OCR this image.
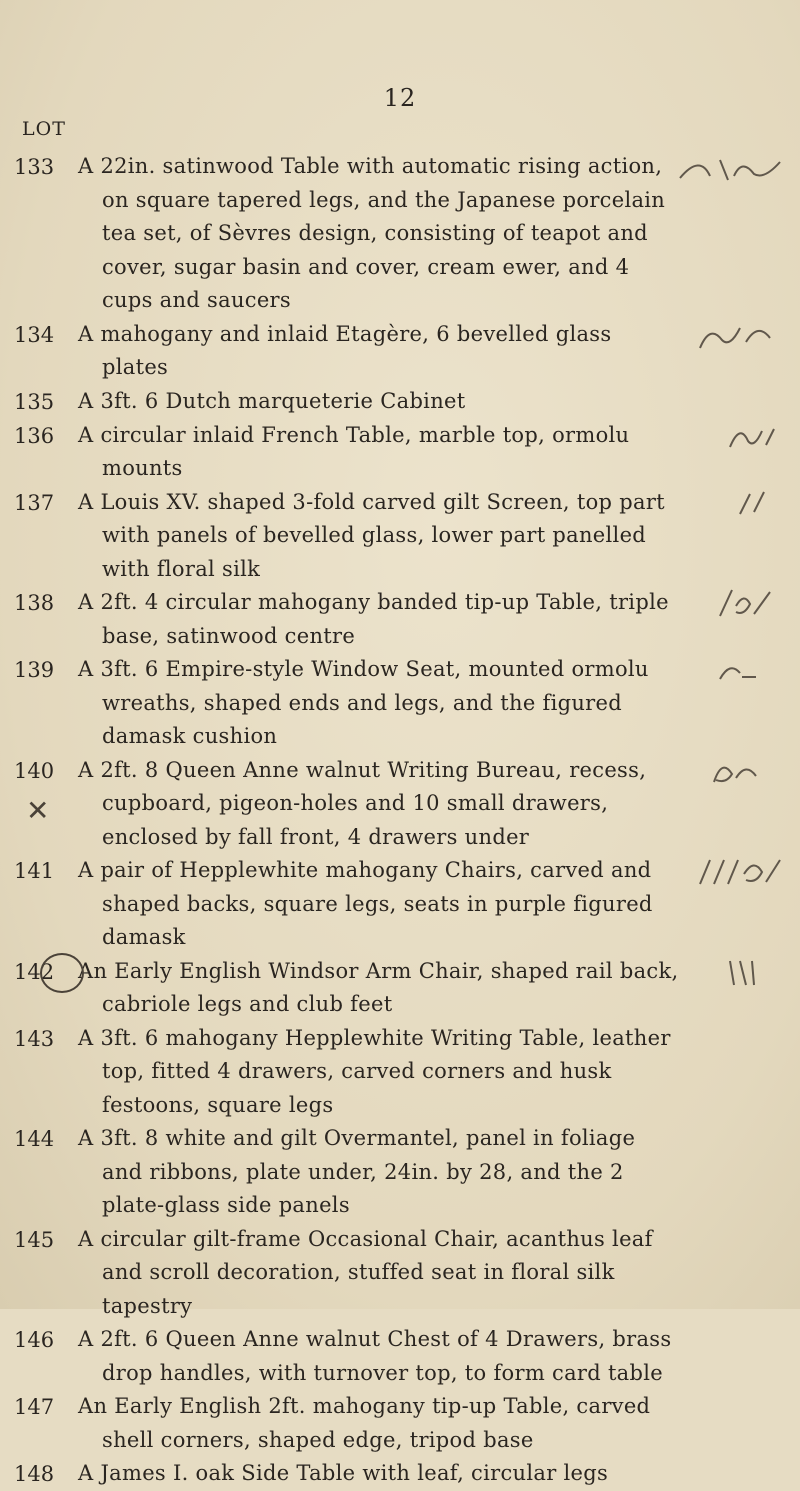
12
LOT
133	A 22in. satinwood Table with automatic rising action, on square tapered legs, and the Japanese porcelain tea set, of Sèvres design, consisting of teapot and cover, sugar basin and cover, cream ewer, and 4 cups and saucers
134	A mahogany and inlaid Etagère, 6 bevelled glass plates
135	A 3ft. 6 Dutch marqueterie Cabinet
136	A circular inlaid French Table, marble top, ormolu mounts
137	A Louis XV. shaped 3-fold carved gilt Screen, top part with panels of bevelled glass, lower part panelled with floral silk
138	A 2ft. 4 circular mahogany banded tip-up Table, triple base, satinwood centre
139	A 3ft. 6 Empire-style Window Seat, mounted ormolu wreaths, shaped ends and legs, and the figured damask cushion
140	A 2ft. 8 Queen Anne walnut Writing Bureau, recess, cupboard, pigeon-holes and 10 small drawers, enclosed by fall front, 4 drawers under
✕
141	A pair of Hepplewhite mahogany Chairs, carved and shaped backs, square legs, seats in purple figured damask
142	An Early English Windsor Arm Chair, shaped rail back, cabriole legs and club feet
143	A 3ft. 6 mahogany Hepplewhite Writing Table, leather top, fitted 4 drawers, carved corners and husk festoons, square legs
144	A 3ft. 8 white and gilt Overmantel, panel in foliage and ribbons, plate under, 24in. by 28, and the 2 plate-glass side panels
145	A circular gilt-frame Occasional Chair, acanthus leaf and scroll decoration, stuffed seat in floral silk tapestry
146	A 2ft. 6 Queen Anne walnut Chest of 4 Drawers, brass drop handles, with turnover top, to form card table
147	An Early English 2ft. mahogany tip-up Table, carved shell corners, shaped edge, tripod base
148	A James I. oak Side Table with leaf, circular legs
